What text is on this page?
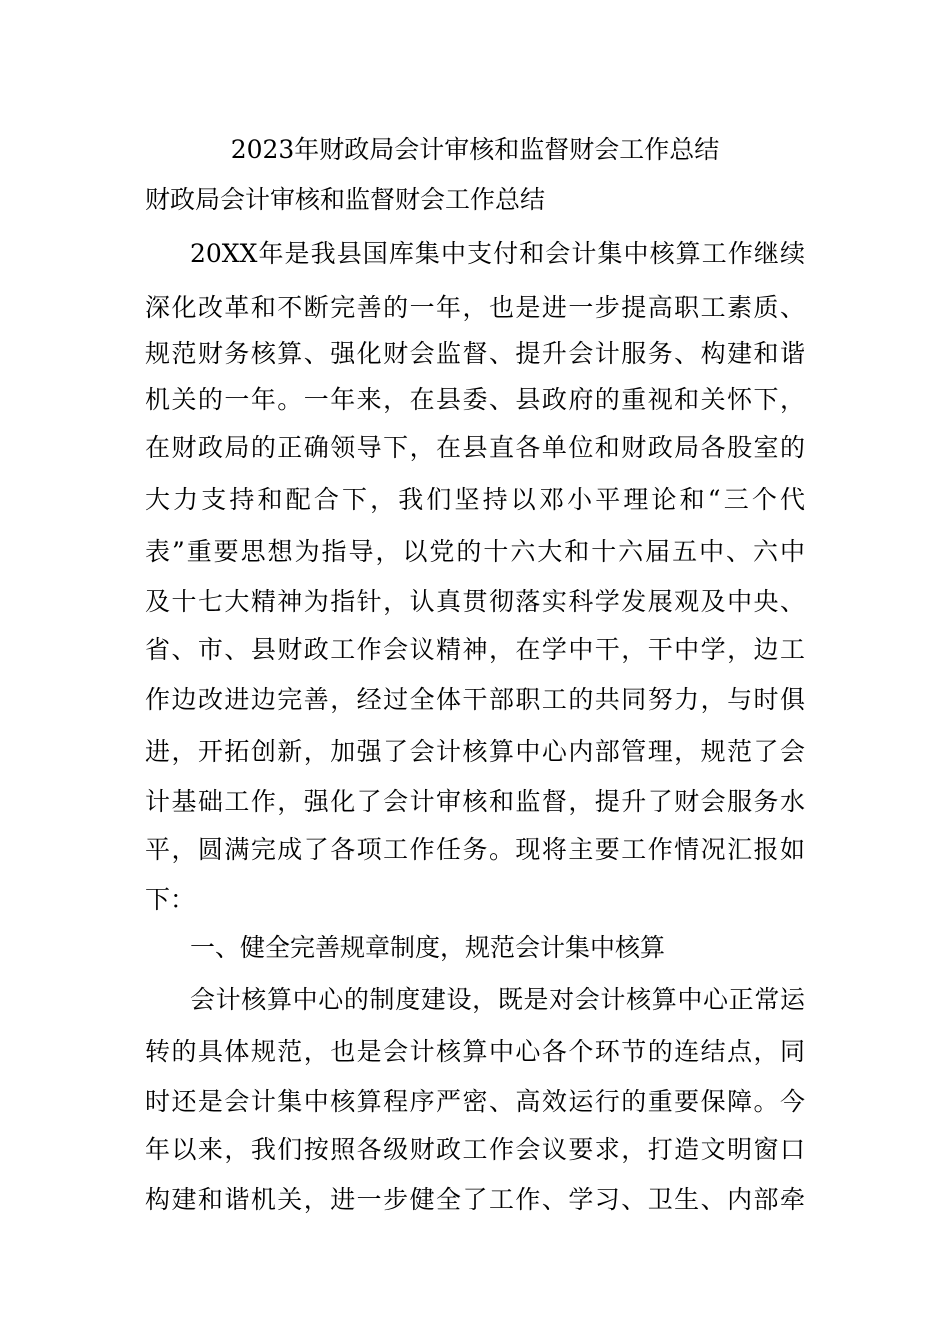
2023年财政局会计审核和监督财会工作总结
财政局会计审核和监督财会工作总结
20XX年是我县国库集中支付和会计集中核算工作继续
深化改革和不断完善的一年，也是进一步提高职工素质、
规范财务核算、强化财会监督、提升会计服务、构建和谐
机关的一年。一年来，在县委、县政府的重视和关怀下，
在财政局的正确领导下，在县直各单位和财政局各股室的
大力支持和配合下，我们坚持以邓小平理论和“三个代
表”重要思想为指导，以党的十六大和十六届五中、六中
及十七大精神为指针，认真贯彻落实科学发展观及中央、
省、市、县财政工作会议精神，在学中干，干中学，边工
作边改进边完善，经过全体干部职工的共同努力，与时俱
进，开拓创新，加强了会计核算中心内部管理，规范了会
计基础工作，强化了会计审核和监督，提升了财会服务水
平，圆满完成了各项工作任务。现将主要工作情况汇报如
下：
一、健全完善规章制度，规范会计集中核算
会计核算中心的制度建设，既是对会计核算中心正常运
转的具体规范，也是会计核算中心各个环节的连结点，同
时还是会计集中核算程序严密、高效运行的重要保障。今
年以来，我们按照各级财政工作会议要求，打造文明窗口
构建和谐机关，进一步健全了工作、学习、卫生、内部牵
